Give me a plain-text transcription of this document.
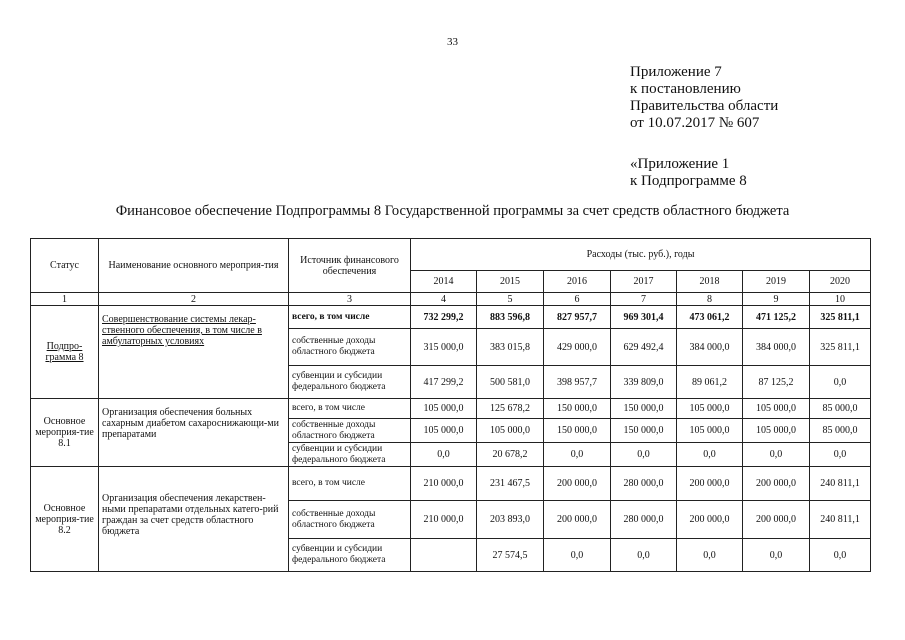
33
Приложение 7
к постановлению
Правительства области
от 10.07.2017 № 607
«Приложение 1
к Подпрограмме 8
Финансовое обеспечение Подпрограммы 8 Государственной программы за счет средств областного бюджета
Статус	Наименование основного мероприя-тия	Источник финансового обеспечения	Расходы (тыс. руб.), годы						
			2014	2015	2016	2017	2018	2019	2020
1	2	3	4	5	6	7	8	9	10
Подпро-грамма 8	Совершенствование системы лекар-ственного обеспечения, в том числе в амбулаторных условиях	всего, в том числе	732 299,2	883 596,8	827 957,7	969 301,4	473 061,2	471 125,2	325 811,1
		собственные доходы областного бюджета	315 000,0	383 015,8	429 000,0	629 492,4	384 000,0	384 000,0	325 811,1
		субвенции и субсидии федерального бюджета	417 299,2	500 581,0	398 957,7	339 809,0	89 061,2	87 125,2	0,0
Основное мероприя-тие 8.1	Организация обеспечения больных сахарным диабетом сахароснижающи-ми препаратами	всего, в том числе	105 000,0	125 678,2	150 000,0	150 000,0	105 000,0	105 000,0	85 000,0
		собственные доходы областного бюджета	105 000,0	105 000,0	150 000,0	150 000,0	105 000,0	105 000,0	85 000,0
		субвенции и субсидии федерального бюджета	0,0	20 678,2	0,0	0,0	0,0	0,0	0,0
Основное мероприя-тие 8.2	Организация обеспечения лекарствен-ными препаратами отдельных катего-рий граждан за счет средств областного бюджета	всего, в том числе	210 000,0	231 467,5	200 000,0	280 000,0	200 000,0	200 000,0	240 811,1
		собственные доходы областного бюджета	210 000,0	203 893,0	200 000,0	280 000,0	200 000,0	200 000,0	240 811,1
		субвенции и субсидии федерального бюджета		27 574,5	0,0	0,0	0,0	0,0	0,0
